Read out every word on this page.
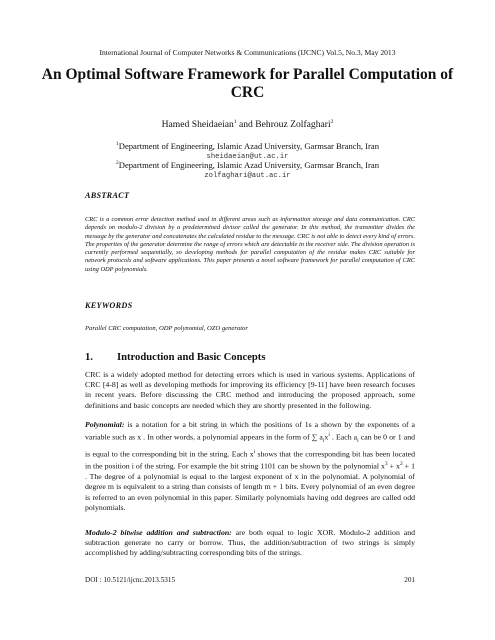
International Journal of Computer Networks & Communications (IJCNC) Vol.5, No.3, May 2013
An Optimal Software Framework for Parallel Computation of CRC
Hamed Sheidaeian$^1$ and Behrouz Zolfaghari$^2$
$^1$Department of Engineering, Islamic Azad University, Garmsar Branch, Iran
sheidaeian@ut.ac.ir
$^2$Department of Engineering, Islamic Azad University, Garmsar Branch, Iran
zolfaghari@aut.ac.ir
ABSTRACT
CRC is a common error detection method used in different areas such as information storage and data communication. CRC depends on modulo-2 division by a predetermined divisor called the generator. In this method, the transmitter divides the message by the generator and concatenates the calculated residue to the message. CRC is not able to detect every kind of errors. The properties of the generator determine the range of errors which are detectable in the receiver side. The division operation is currently performed sequentially, so developing methods for parallel computation of the residue makes CRC suitable for network protocols and software applications. This paper presents a novel software framework for parallel computation of CRC using ODP polynomials.
KEYWORDS
Parallel CRC computation, ODP polynomial, OZO generator
1. Introduction and Basic Concepts
CRC is a widely adopted method for detecting errors which is used in various systems. Applications of CRC [4-8] as well as developing methods for improving its efficiency [9-11] have been research focuses in recent years. Before discussing the CRC method and introducing the proposed approach, some definitions and basic concepts are needed which they are shortly presented in the following.
Polynomial: is a notation for a bit string in which the positions of 1s a shown by the exponents of a variable such as x . In other words, a polynomial appears in the form of ∑ $a_ix^i$ . Each $a_i$ can be 0 or 1 and is equal to the corresponding bit in the string. Each $x^i$ shows that the corresponding bit has been located in the position i of the string. For example the bit string 1101 can be shown by the polynomial $x^3 + x^2 + 1$ . The degree of a polynomial is equal to the largest exponent of x in the polynomial. A polynomial of degree m is equivalent to a string than consists of length m + 1 bits. Every polynomial of an even degree is referred to an even polynomial in this paper. Similarly polynomials having odd degrees are called odd polynomials.
Modulo-2 bitwise addition and subtraction: are both equal to logic XOR. Modulo-2 addition and subtraction generate no carry or borrow. Thus, the addition/subtraction of two strings is simply accomplished by adding/subtracting corresponding bits of the strings.
DOI : 10.5121/ijcnc.2013.5315	201
